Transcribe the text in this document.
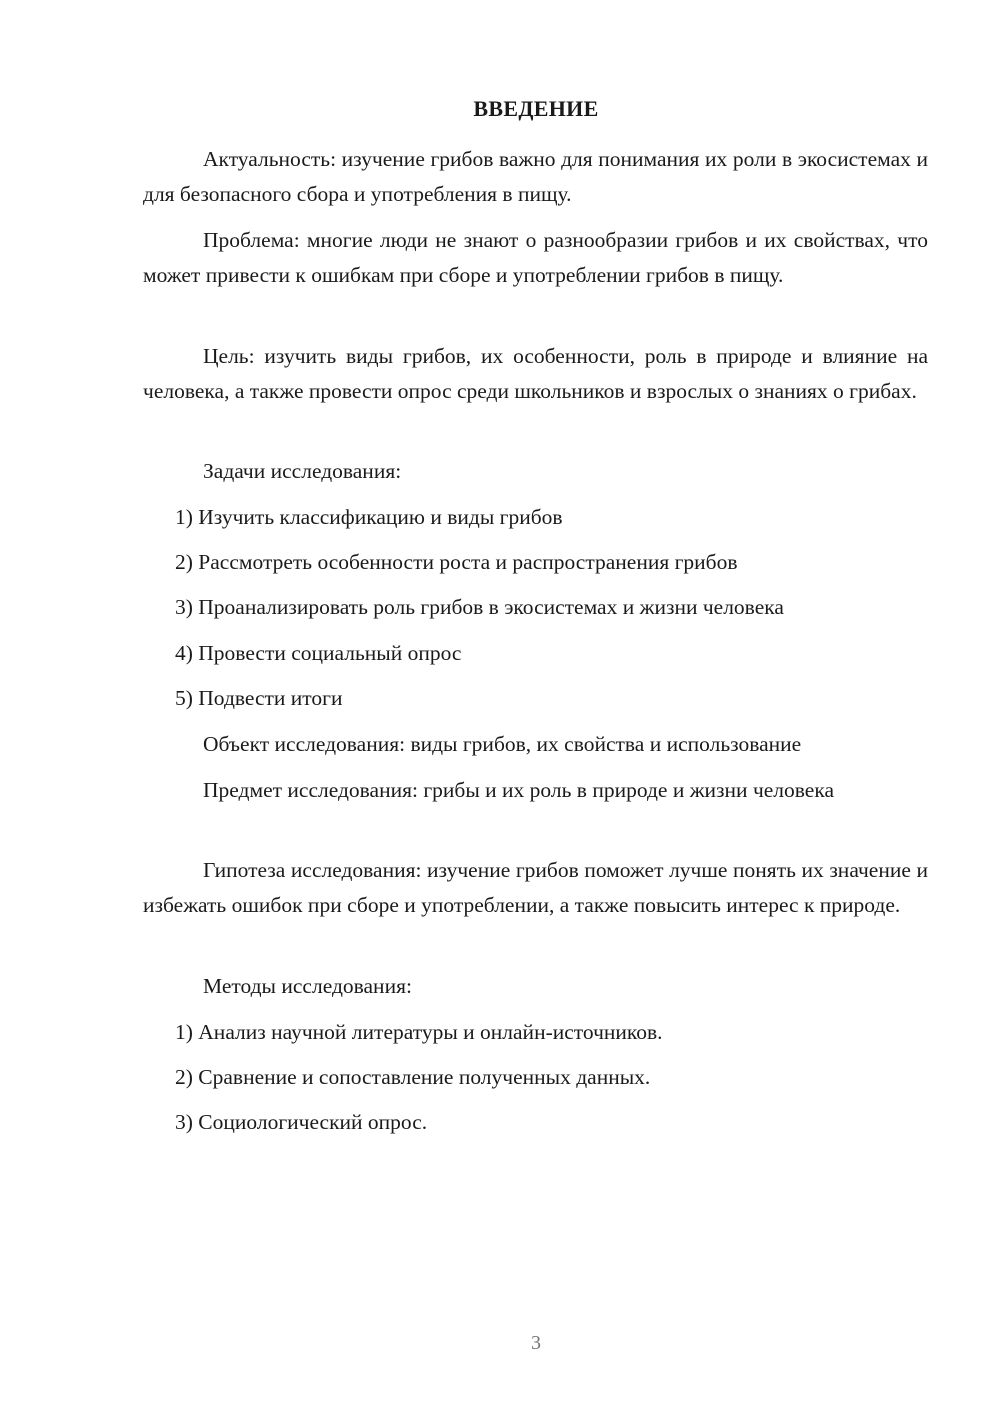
ВВЕДЕНИЕ
Актуальность: изучение грибов важно для понимания их роли в экосистемах и для безопасного сбора и употребления в пищу.
Проблема: многие люди не знают о разнообразии грибов и их свойствах, что может привести к ошибкам при сборе и употреблении грибов в пищу.
Цель: изучить виды грибов, их особенности, роль в природе и влияние на человека, а также провести опрос среди школьников и взрослых о знаниях о грибах.
Задачи исследования:
1) Изучить классификацию и виды грибов
2) Рассмотреть особенности роста и распространения грибов
3) Проанализировать роль грибов в экосистемах и жизни человека
4) Провести социальный опрос
5) Подвести итоги
Объект исследования: виды грибов, их свойства и использование
Предмет исследования: грибы и их роль в природе и жизни человека
Гипотеза исследования: изучение грибов поможет лучше понять их значение и избежать ошибок при сборе и употреблении, а также повысить интерес к природе.
Методы исследования:
1) Анализ научной литературы и онлайн-источников.
2) Сравнение и сопоставление полученных данных.
3) Социологический опрос.
3
